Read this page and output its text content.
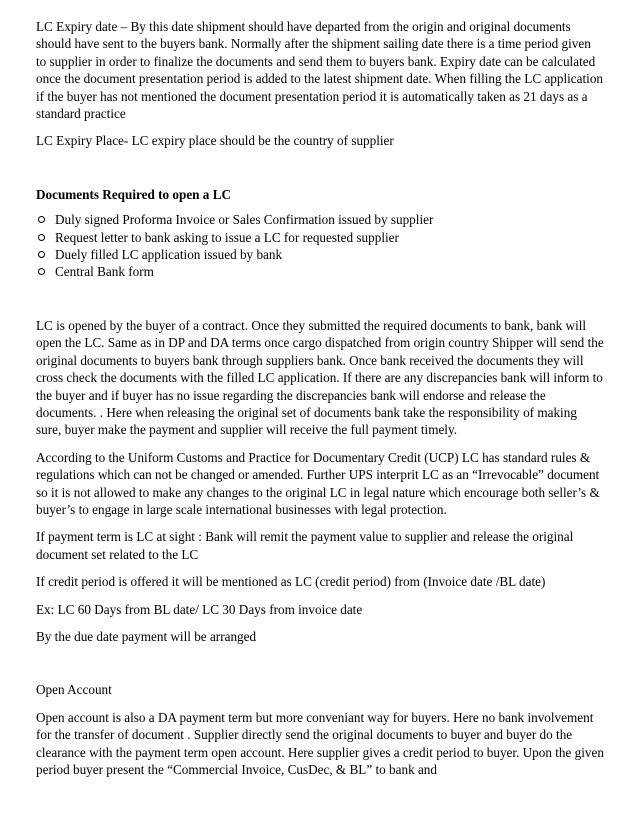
LC Expiry date – By this date shipment should have departed from the origin and original documents should have sent to the buyers bank. Normally after the shipment sailing date there is a time period given to supplier in order to finalize the documents and send them to buyers bank. Expiry date can be calculated once the document presentation period is added to the latest shipment date. When filling the LC application if the buyer has not mentioned the document presentation period it is automatically taken as 21 days as a standard practice

LC Expiry Place- LC expiry place should be the country of supplier

Documents Required to open a LC

Duly signed Proforma Invoice or Sales Confirmation issued by supplier
Request letter to bank asking to issue a LC for requested supplier
Duely filled LC application issued by bank
Central Bank form

LC is opened by the buyer of a contract. Once they submitted the required documents to bank, bank will open the LC. Same as in DP and DA terms once cargo dispatched from origin country Shipper will send the original documents to buyers bank through suppliers bank. Once bank received the documents they will cross check the documents with the filled LC application. If there are any discrepancies bank will inform to the buyer and if buyer has no issue regarding the discrepancies bank will endorse and release the documents. . Here when releasing the original set of documents bank take the responsibility of making sure, buyer make the payment and supplier will receive the full payment timely.

According to the Uniform Customs and Practice for Documentary Credit (UCP) LC has standard rules & regulations which can not be changed or amended. Further UPS interprit LC as an “Irrevocable” document so it is not allowed to make any changes to the original LC in legal nature which encourage both seller’s & buyer’s to engage in large scale international businesses with legal protection.

If payment term is LC at sight : Bank will remit the payment value to supplier and release the original document set related to the LC

If credit period is offered it will be mentioned as LC (credit period) from (Invoice date /BL date)

Ex: LC 60 Days from BL date/ LC 30 Days from invoice date

By the due date payment will be arranged

Open Account

Open account is also a DA payment term but more conveniant way for buyers. Here no bank involvement for the transfer of document . Supplier directly send the original documents to buyer and buyer do the clearance with the payment term open account. Here supplier gives a credit period to buyer. Upon the given period buyer present the “Commercial Invoice, CusDec, & BL” to bank and
